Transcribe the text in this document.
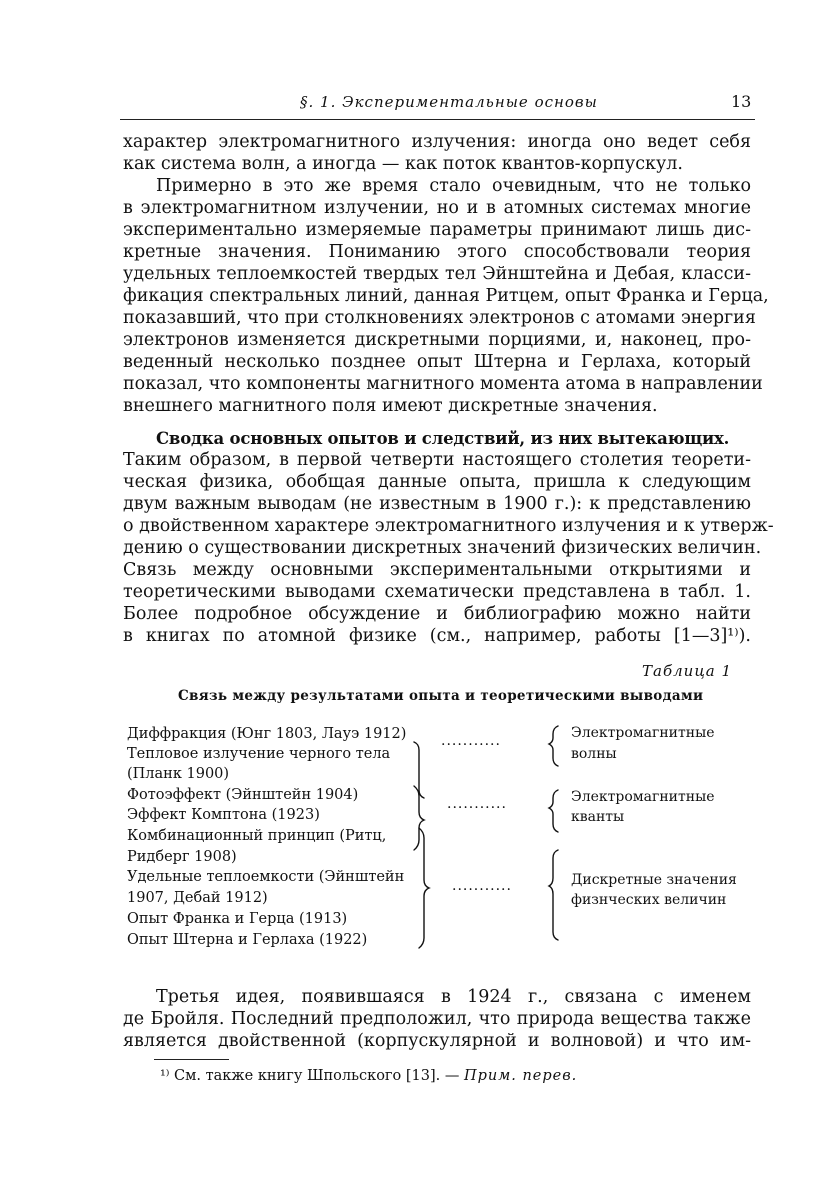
§. 1. Экспериментальные основы	13
характер электромагнитного излучения: иногда оно ведет себя
как система волн, а иногда — как поток квантов-корпускул.
Примерно в это же время стало очевидным, что не только
в электромагнитном излучении, но и в атомных системах многие
экспериментально измеряемые параметры принимают лишь дис-
кретные значения. Пониманию этого способствовали теория
удельных теплоемкостей твердых тел Эйнштейна и Дебая, класси-
фикация спектральных линий, данная Ритцем, опыт Франка и Герца,
показавший, что при столкновениях электронов с атомами энергия
электронов изменяется дискретными порциями, и, наконец, про-
веденный несколько позднее опыт Штерна и Герлаха, который
показал, что компоненты магнитного момента атома в направлении
внешнего магнитного поля имеют дискретные значения.
Сводка основных опытов и следствий, из них вытекающих.
Таким образом, в первой четверти настоящего столетия теорети-
ческая физика, обобщая данные опыта, пришла к следующим
двум важным выводам (не известным в 1900 г.): к представлению
о двойственном характере электромагнитного излучения и к утверж-
дению о существовании дискретных значений физических величин.
Связь между основными экспериментальными открытиями и
теоретическими выводами схематически представлена в табл. 1.
Более подробное обсуждение и библиографию можно найти
в книгах по атомной физике (см., например, работы [1—3]¹⁾).
Таблица 1
Связь между результатами опыта и теоретическими выводами
Диффракция (Юнг 1803, Лауэ 1912)
Тепловое излучение черного тела
(Планк 1900)
Фотоэффект (Эйнштейн 1904)
Эффект Комптона (1923)
Комбинационный принцип (Ритц,
Ридберг 1908)
Удельные теплоемкости (Эйнштейн
1907, Дебай 1912)
Опыт Франка и Герца (1913)
Опыт Штерна и Герлаха (1922)
...........
...........
...........
Электромагнитные
волны
Электромагнитные
кванты
Дискретные значения
физнческих величин
Третья идея, появившаяся в 1924 г., связана с именем
де Бройля. Последний предположил, что природа вещества также
является двойственной (корпускулярной и волновой) и что им-
¹⁾ См. также книгу Шпольского [13]. — Прим. перев.
